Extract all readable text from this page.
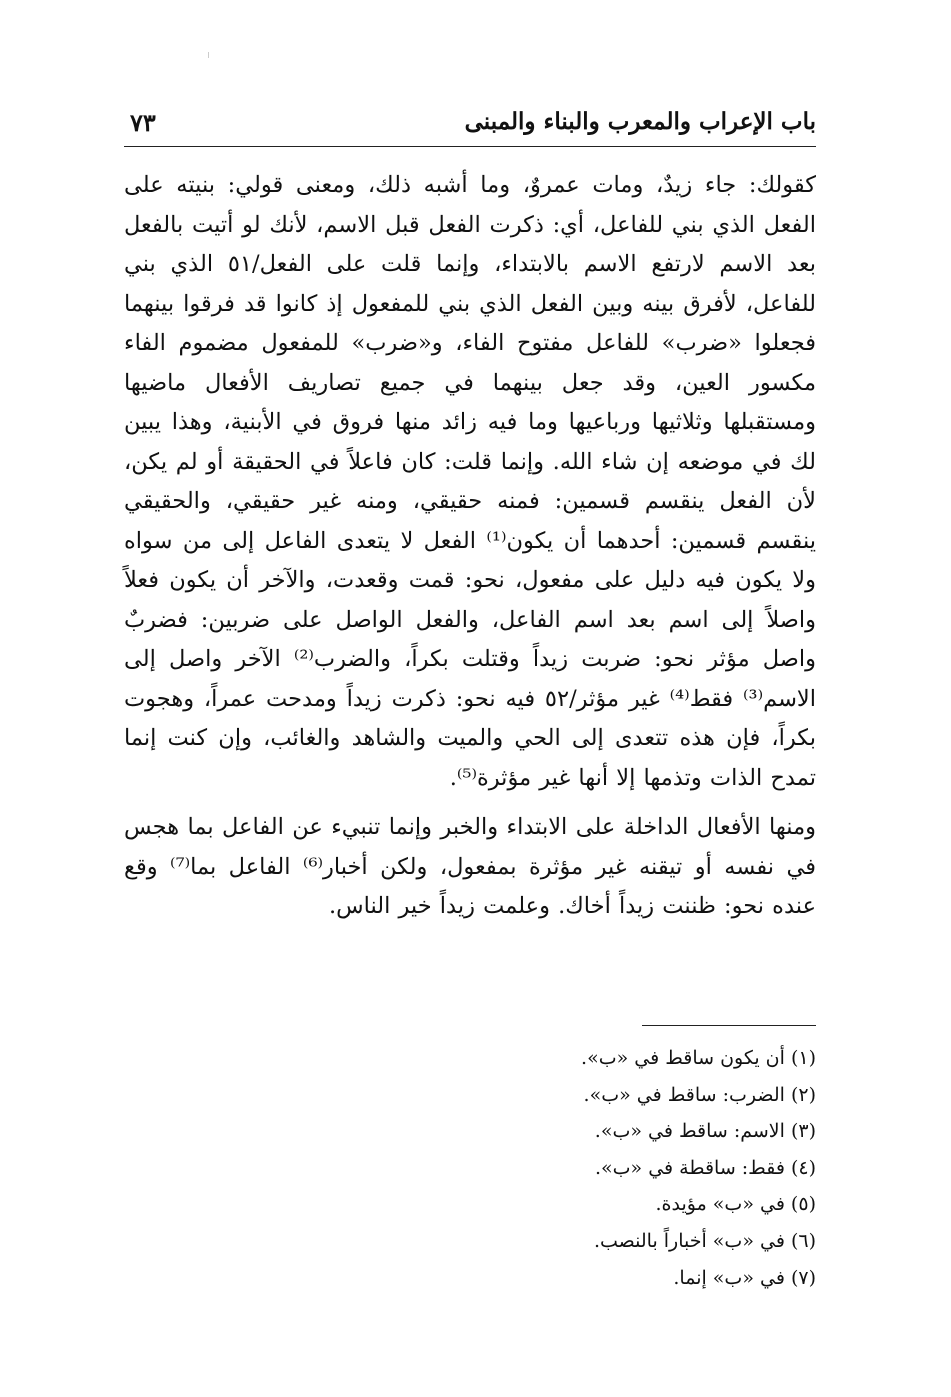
باب الإعراب والمعرب والبناء والمبنى
٧٣

كقولك: جاء زيدٌ، ومات عمروٌ، وما أشبه ذلك، ومعنى قولي: بنيته على الفعل الذي بني للفاعل، أي: ذكرت الفعل قبل الاسم، لأنك لو أتيت بالفعل بعد الاسم لارتفع الاسم بالابتداء، وإنما قلت على الفعل/٥١ الذي بني للفاعل، لأفرق بينه وبين الفعل الذي بني للمفعول إذ كانوا قد فرقوا بينهما فجعلوا «ضرب» للفاعل مفتوح الفاء، و«ضرب» للمفعول مضموم الفاء مكسور العين، وقد جعل بينهما في جميع تصاريف الأفعال ماضيها ومستقبلها وثلاثيها ورباعيها وما فيه زائد منها فروق في الأبنية، وهذا يبين لك في موضعه إن شاء الله. وإنما قلت: كان فاعلاً في الحقيقة أو لم يكن، لأن الفعل ينقسم قسمين: فمنه حقيقي، ومنه غير حقيقي، والحقيقي ينقسم قسمين: أحدهما أن يكون⁽¹⁾ الفعل لا يتعدى الفاعل إلى من سواه ولا يكون فيه دليل على مفعول، نحو: قمت وقعدت، والآخر أن يكون فعلاً واصلاً إلى اسم بعد اسم الفاعل، والفعل الواصل على ضربين: فضربٌ واصل مؤثر نحو: ضربت زيداً وقتلت بكراً، والضرب⁽²⁾ الآخر واصل إلى الاسم⁽³⁾ فقط⁽⁴⁾ غير مؤثر/٥٢ فيه نحو: ذكرت زيداً ومدحت عمراً، وهجوت بكراً، فإن هذه تتعدى إلى الحي والميت والشاهد والغائب، وإن كنت إنما تمدح الذات وتذمها إلا أنها غير مؤثرة⁽⁵⁾.

ومنها الأفعال الداخلة على الابتداء والخبر وإنما تنبيء عن الفاعل بما هجس في نفسه أو تيقنه غير مؤثرة بمفعول، ولكن أخبار⁽⁶⁾ الفاعل بما⁽⁷⁾ وقع عنده نحو: ظننت زيداً أخاك. وعلمت زيداً خير الناس.

(١) أن يكون ساقط في «ب».
(٢) الضرب: ساقط في «ب».
(٣) الاسم: ساقط في «ب».
(٤) فقط: ساقطة في «ب».
(٥) في «ب» مؤيدة.
(٦) في «ب» أخباراً بالنصب.
(٧) في «ب» إنما.
